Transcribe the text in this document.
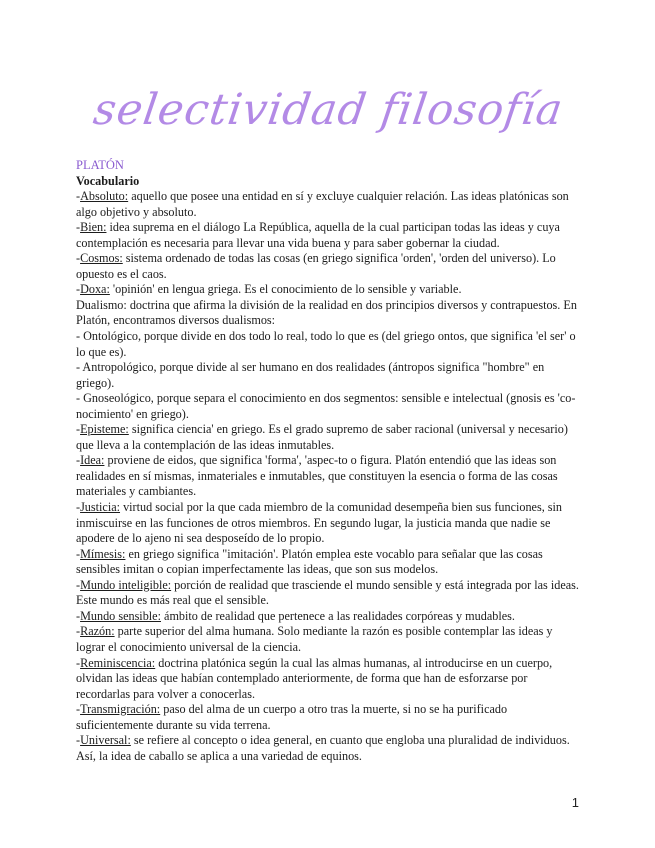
selectividad filosofía

PLATÓN

Vocabulario

-Absoluto: aquello que posee una entidad en sí y excluye cualquier relación. Las ideas platónicas son algo objetivo y absoluto.

-Bien: idea suprema en el diálogo La República, aquella de la cual participan todas las ideas y cuya contemplación es necesaria para llevar una vida buena y para saber gobernar la ciudad.

-Cosmos: sistema ordenado de todas las cosas (en griego significa 'orden', 'orden del universo). Lo opuesto es el caos.

-Doxa: 'opinión' en lengua griega. Es el conocimiento de lo sensible y variable.

Dualismo: doctrina que afirma la división de la realidad en dos principios diversos y contrapuestos. En Platón, encontramos diversos dualismos:

- Ontológico, porque divide en dos todo lo real, todo lo que es (del griego ontos, que significa 'el ser' o lo que es).

- Antropológico, porque divide al ser humano en dos realidades (ántropos significa "hombre" en griego).

- Gnoseológico, porque separa el conocimiento en dos segmentos: sensible e intelectual (gnosis es 'co-nocimiento' en griego).

-Episteme: significa ciencia' en griego. Es el grado supremo de saber racional (universal y necesario) que lleva a la contemplación de las ideas inmutables.

-Idea: proviene de eidos, que significa 'forma', 'aspec-to o figura. Platón entendió que las ideas son realidades en sí mismas, inmateriales e inmutables, que constituyen la esencia o forma de las cosas materiales y cambiantes.

-Justicia: virtud social por la que cada miembro de la comunidad desempeña bien sus funciones, sin inmiscuirse en las funciones de otros miembros. En segundo lugar, la justicia manda que nadie se apodere de lo ajeno ni sea desposeído de lo propio.

-Mímesis: en griego significa "imitación'. Platón emplea este vocablo para señalar que las cosas sensibles imitan o copian imperfectamente las ideas, que son sus modelos.

-Mundo inteligible: porción de realidad que trasciende el mundo sensible y está integrada por las ideas. Este mundo es más real que el sensible.

-Mundo sensible: ámbito de realidad que pertenece a las realidades corpóreas y mudables.

-Razón: parte superior del alma humana. Solo mediante la razón es posible contemplar las ideas y lograr el conocimiento universal de la ciencia.

-Reminiscencia: doctrina platónica según la cual las almas humanas, al introducirse en un cuerpo, olvidan las ideas que habían contemplado anteriormente, de forma que han de esforzarse por recordarlas para volver a conocerlas.

-Transmigración: paso del alma de un cuerpo a otro tras la muerte, si no se ha purificado suficientemente durante su vida terrena.

-Universal: se refiere al concepto o idea general, en cuanto que engloba una pluralidad de individuos. Así, la idea de caballo se aplica a una variedad de equinos.

1
